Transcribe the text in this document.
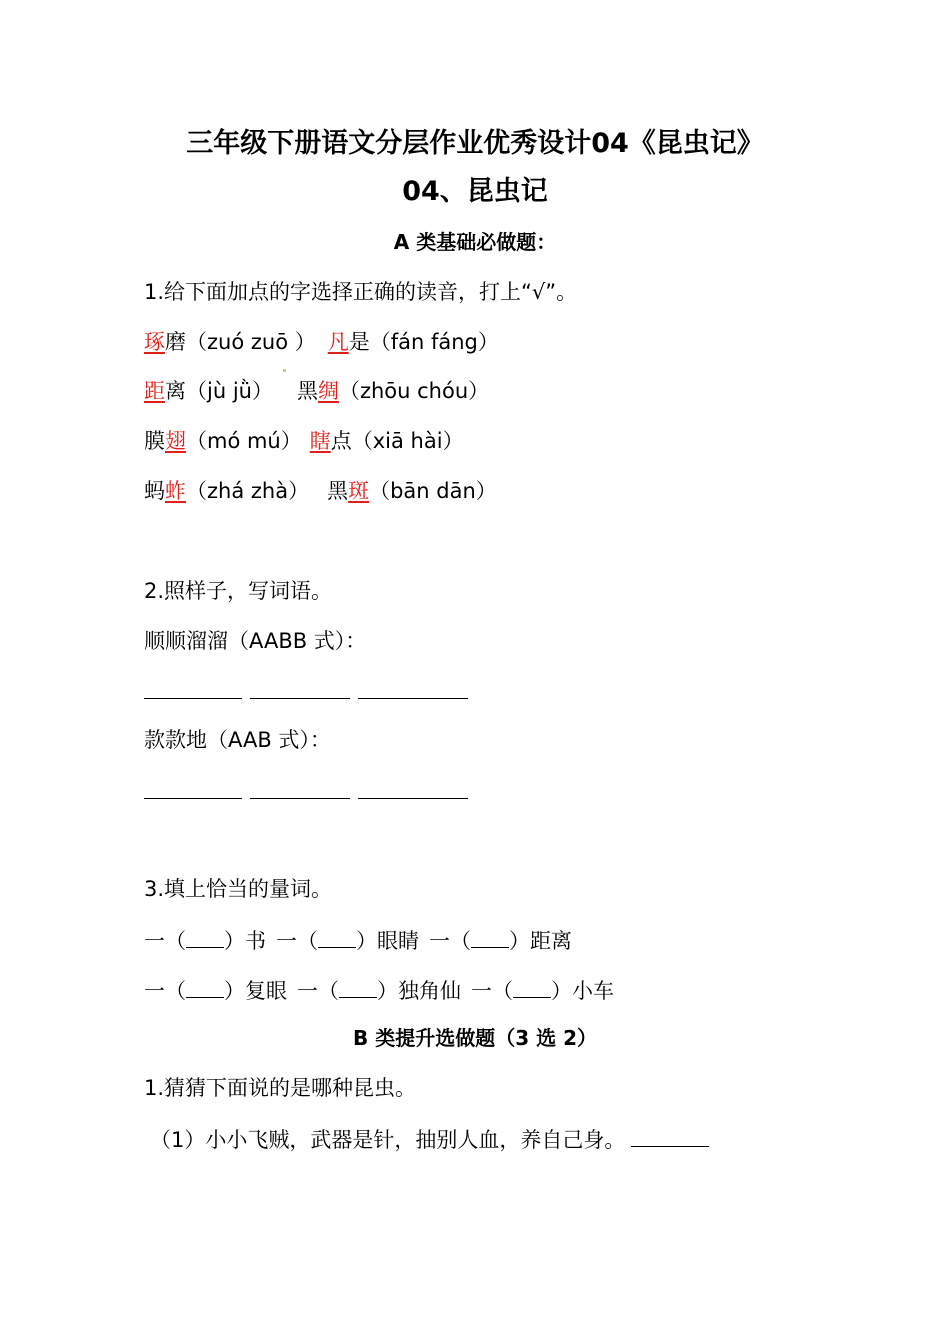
三年级下册语文分层作业优秀设计04《昆虫记》
04、昆虫记
A 类基础必做题：
1.给下面加点的字选择正确的读音，打上“√”。
琢磨（zuó zuō ） 凡是（fán fáng）
距离（jù jǜ） 黑绸（zhōu chóu）
膜翅（mó mú） 瞎点（xiā hài）
蚂蚱（zhá zhà） 黑斑（bān dān）
2.照样子，写词语。
顺顺溜溜（AABB 式）：
款款地（AAB 式）：
3.填上恰当的量词。
一（ ）书 一（ ）眼睛 一（ ）距离
一（ ）复眼 一（ ）独角仙 一（ ）小车
B 类提升选做题（3 选 2）
1.猜猜下面说的是哪种昆虫。
（1）小小飞贼，武器是针，抽别人血，养自己身。
